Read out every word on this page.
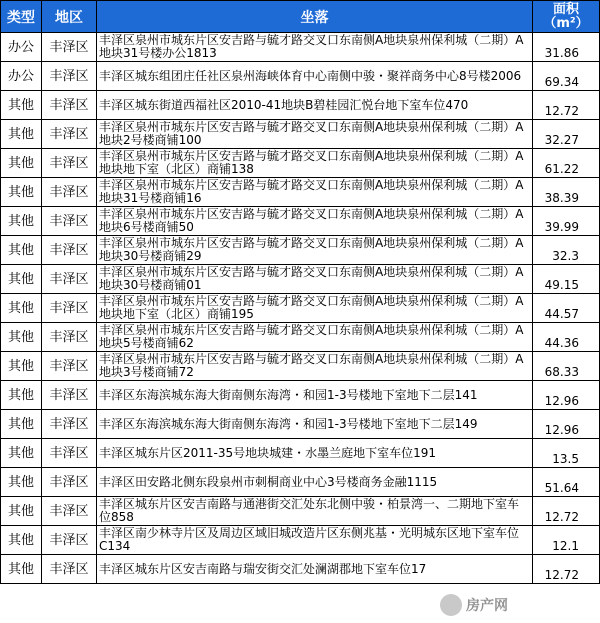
类型	地区	坐落	面积
（m²）

办公	丰泽区	丰泽区泉州市城东片区安吉路与毓才路交叉口东南侧A地块泉州保利城（二期）A地块31号楼办公1813	31.86
办公	丰泽区	丰泽区城东组团庄任社区泉州海峡体育中心南侧中骏・聚祥商务中心8号楼2006	69.34
其他	丰泽区	丰泽区城东街道西福社区2010-41地块B碧桂园汇悦台地下室车位470	12.72
其他	丰泽区	丰泽区泉州市城东片区安吉路与毓才路交叉口东南侧A地块泉州保利城（二期）A地块2号楼商铺100	32.27
其他	丰泽区	丰泽区泉州市城东片区安吉路与毓才路交叉口东南侧A地块泉州保利城（二期）A地块地下室（北区）商铺138	61.22
其他	丰泽区	丰泽区泉州市城东片区安吉路与毓才路交叉口东南侧A地块泉州保利城（二期）A地块31号楼商铺16	38.39
其他	丰泽区	丰泽区泉州市城东片区安吉路与毓才路交叉口东南侧A地块泉州保利城（二期）A地块6号楼商铺50	39.99
其他	丰泽区	丰泽区泉州市城东片区安吉路与毓才路交叉口东南侧A地块泉州保利城（二期）A地块30号楼商铺29	32.3
其他	丰泽区	丰泽区泉州市城东片区安吉路与毓才路交叉口东南侧A地块泉州保利城（二期）A地块30号楼商铺01	49.15
其他	丰泽区	丰泽区泉州市城东片区安吉路与毓才路交叉口东南侧A地块泉州保利城（二期）A地块地下室（北区）商铺195	44.57
其他	丰泽区	丰泽区泉州市城东片区安吉路与毓才路交叉口东南侧A地块泉州保利城（二期）A地块5号楼商铺62	44.36
其他	丰泽区	丰泽区泉州市城东片区安吉路与毓才路交叉口东南侧A地块泉州保利城（二期）A地块3号楼商铺72	68.33
其他	丰泽区	丰泽区东海滨城东海大街南侧东海湾・和园1-3号楼地下室地下二层141	12.96
其他	丰泽区	丰泽区东海滨城东海大街南侧东海湾・和园1-3号楼地下室地下二层149	12.96
其他	丰泽区	丰泽区城东片区2011-35号地块城建・水墨兰庭地下室车位191	13.5
其他	丰泽区	丰泽区田安路北侧东段泉州市刺桐商业中心3号楼商务金融1115	51.64
其他	丰泽区	丰泽区城东片区安吉南路与通港街交汇处东北侧中骏・柏景湾一、二期地下室车位858	12.72
其他	丰泽区	丰泽区南少林寺片区及周边区域旧城改造片区东侧兆基・光明城东区地下室车位C134	12.1
其他	丰泽区	丰泽区城东片区安吉南路与瑞安街交汇处澜湖郡地下室车位17	12.72
房产网
